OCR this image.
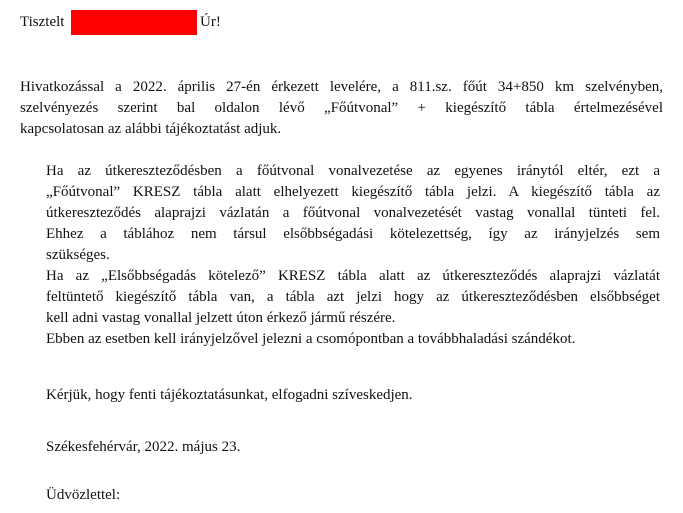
Tisztelt	Úr!
Hivatkozással a 2022. április 27-én érkezett levelére, a 811.sz. főút 34+850 km szelvényben,
szelvényezés szerint bal oldalon lévő „Főútvonal” + kiegészítő tábla értelmezésével
kapcsolatosan az alábbi tájékoztatást adjuk.
Ha az útkereszteződésben a főútvonal vonalvezetése az egyenes iránytól eltér, ezt a
„Főútvonal” KRESZ tábla alatt elhelyezett kiegészítő tábla jelzi. A kiegészítő tábla az
útkereszteződés alaprajzi vázlatán a főútvonal vonalvezetését vastag vonallal tünteti fel.
Ehhez a táblához nem társul elsőbbségadási kötelezettség, így az irányjelzés sem
szükséges.
Ha az „Elsőbbségadás kötelező” KRESZ tábla alatt az útkereszteződés alaprajzi vázlatát
feltüntető kiegészítő tábla van, a tábla azt jelzi hogy az útkereszteződésben elsőbbséget
kell adni vastag vonallal jelzett úton érkező jármű részére.
Ebben az esetben kell irányjelzővel jelezni a csomópontban a továbbhaladási szándékot.
Kérjük, hogy fenti tájékoztatásunkat, elfogadni szíveskedjen.
Székesfehérvár, 2022. május 23.
Üdvözlettel:
